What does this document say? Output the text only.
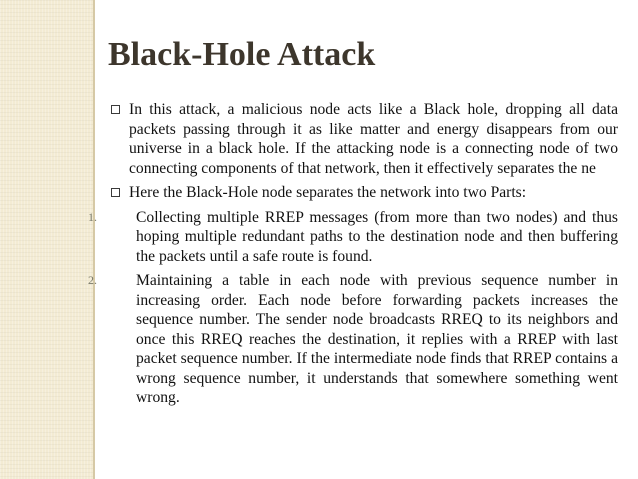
Black-Hole Attack
In this attack, a malicious node acts like a Black hole, dropping all data packets passing through it as like matter and energy disappears from our universe in a black hole. If the attacking node is a connecting node of two connecting components of that network, then it effectively separates the ne
Here the Black-Hole node separates the network into two Parts:
1.	Collecting multiple RREP messages (from more than two nodes) and thus hoping multiple redundant paths to the destination node and then buffering the packets until a safe route is found.
2.	Maintaining a table in each node with previous sequence number in increasing order. Each node before forwarding packets increases the sequence number. The sender node broadcasts RREQ to its neighbors and once this RREQ reaches the destination, it replies with a RREP with last packet sequence number. If the intermediate node finds that RREP contains a wrong sequence number, it understands that somewhere something went wrong.
